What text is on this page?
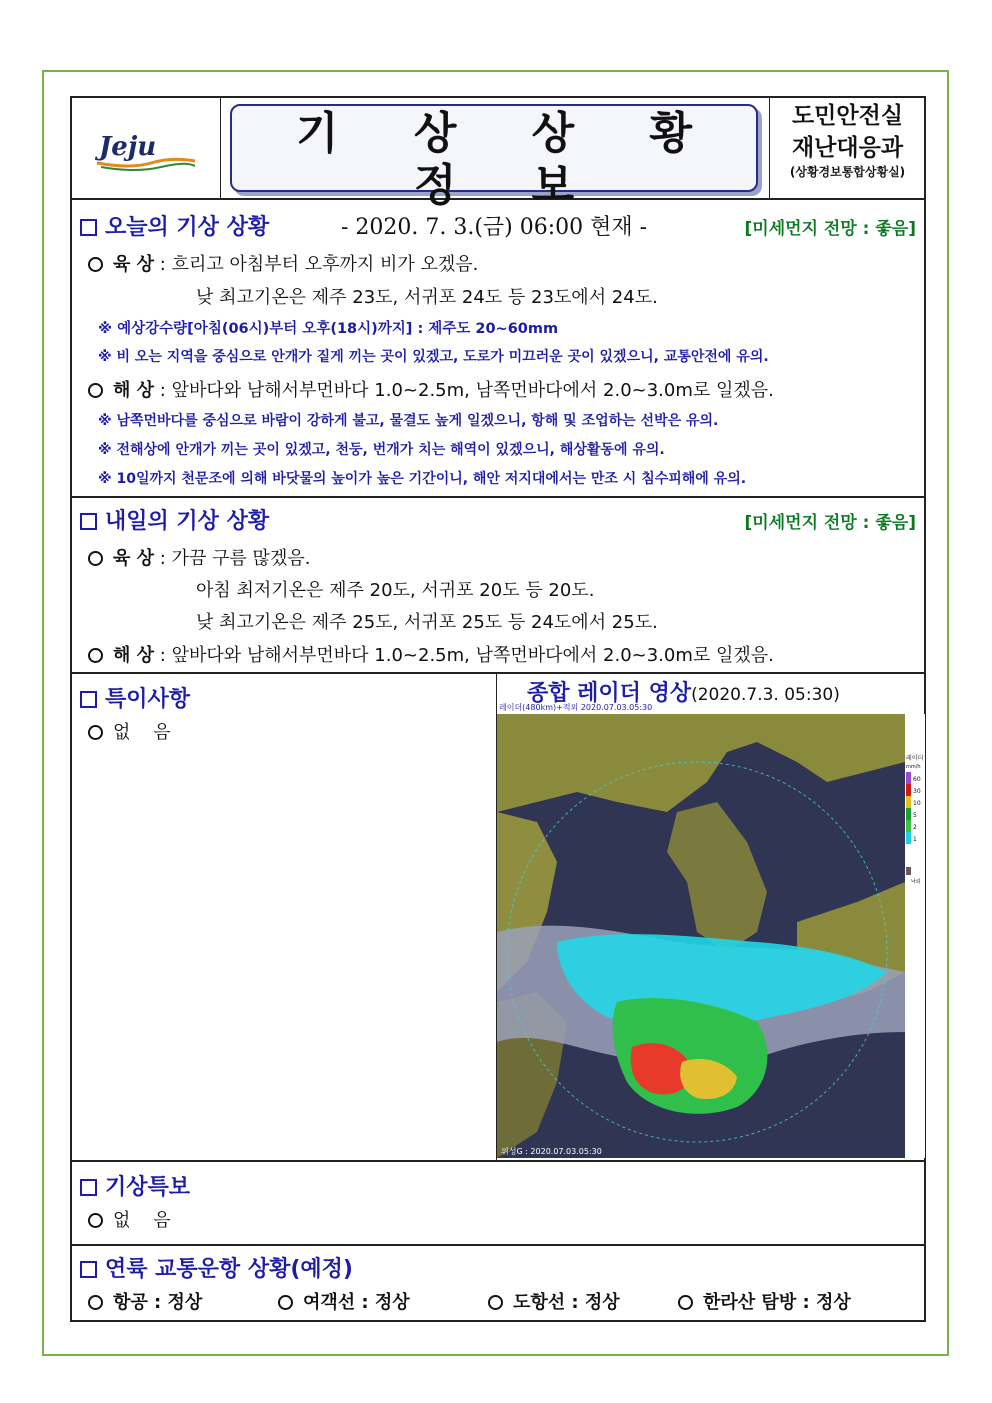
Jeju	기 상 상 황 정 보
- 2020. 7. 3.(금) 06:00 현재 -
도민안전실
재난대응과
(상황경보통합상황실)
오늘의 기상 상황	[미세먼지 전망 : 좋음]
육 상 : 흐리고 아침부터 오후까지 비가 오겠음.
낮 최고기온은 제주 23도, 서귀포 24도 등 23도에서 24도.
※ 예상강수량[아침(06시)부터 오후(18시)까지] : 제주도 20~60mm
※ 비 오는 지역을 중심으로 안개가 짙게 끼는 곳이 있겠고, 도로가 미끄러운 곳이 있겠으니, 교통안전에 유의.
해 상 : 앞바다와 남해서부먼바다 1.0~2.5m, 남쪽먼바다에서 2.0~3.0m로 일겠음.
※ 남쪽먼바다를 중심으로 바람이 강하게 불고, 물결도 높게 일겠으니, 항해 및 조업하는 선박은 유의.
※ 전해상에 안개가 끼는 곳이 있겠고, 천둥, 번개가 치는 해역이 있겠으니, 해상활동에 유의.
※ 10일까지 천문조에 의해 바닷물의 높이가 높은 기간이니, 해안 저지대에서는 만조 시 침수피해에 유의.
내일의 기상 상황	[미세먼지 전망 : 좋음]
육 상 : 가끔 구름 많겠음.
아침 최저기온은 제주 20도, 서귀포 20도 등 20도.
낮 최고기온은 제주 25도, 서귀포 25도 등 24도에서 25도.
해 상 : 앞바다와 남해서부먼바다 1.0~2.5m, 남쪽먼바다에서 2.0~3.0m로 일겠음.
특이사항
없    음
종합 레이더 영상(2020.7.3. 05:30)
레이더(480km)+적외 2020.07.03.05:30
위성G : 2020.07.03.05:30
레이더
mm/h
60
30
10
5
2
1
낙뢰
기상특보
없    음
연륙 교통운항 상황(예정)
항공 : 정상	여객선 : 정상	도항선 : 정상	한라산 탐방 : 정상
